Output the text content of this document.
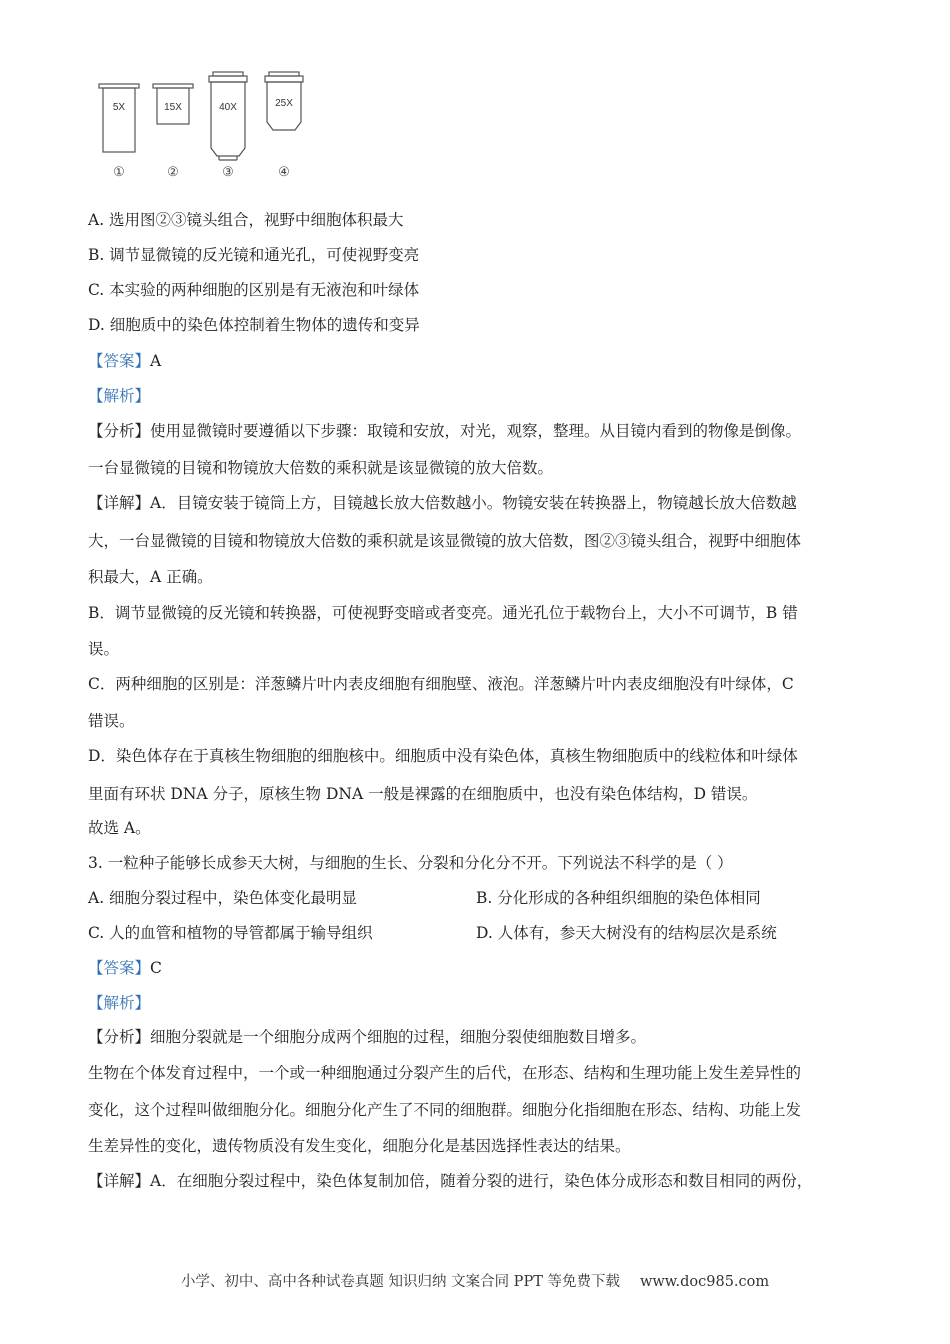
5X
①
15X
②
40X
③
25X
④
A. 选用图②③镜头组合，视野中细胞体积最大
B. 调节显微镜的反光镜和通光孔，可使视野变亮
C. 本实验的两种细胞的区别是有无液泡和叶绿体
D. 细胞质中的染色体控制着生物体的遗传和变异
【答案】A
【解析】
【分析】使用显微镜时要遵循以下步骤：取镜和安放，对光，观察，整理。从目镜内看到的物像是倒像。
一台显微镜的目镜和物镜放大倍数的乘积就是该显微镜的放大倍数。
【详解】A．目镜安装于镜筒上方，目镜越长放大倍数越小。物镜安装在转换器上，物镜越长放大倍数越
大，一台显微镜的目镜和物镜放大倍数的乘积就是该显微镜的放大倍数，图②③镜头组合，视野中细胞体
积最大，A 正确。
B．调节显微镜的反光镜和转换器，可使视野变暗或者变亮。通光孔位于载物台上，大小不可调节，B 错
误。
C．两种细胞的区别是：洋葱鳞片叶内表皮细胞有细胞壁、液泡。洋葱鳞片叶内表皮细胞没有叶绿体，C
错误。
D．染色体存在于真核生物细胞的细胞核中。细胞质中没有染色体，真核生物细胞质中的线粒体和叶绿体
里面有环状 DNA 分子，原核生物 DNA 一般是裸露的在细胞质中，也没有染色体结构，D 错误。
故选 A。
3. 一粒种子能够长成参天大树，与细胞的生长、分裂和分化分不开。下列说法不科学的是（ ）
A. 细胞分裂过程中，染色体变化最明显	B. 分化形成的各种组织细胞的染色体相同
C. 人的血管和植物的导管都属于输导组织	D. 人体有，参天大树没有的结构层次是系统
【答案】C
【解析】
【分析】细胞分裂就是一个细胞分成两个细胞的过程，细胞分裂使细胞数目增多。
生物在个体发育过程中，一个或一种细胞通过分裂产生的后代，在形态、结构和生理功能上发生差异性的
变化，这个过程叫做细胞分化。细胞分化产生了不同的细胞群。细胞分化指细胞在形态、结构、功能上发
生差异性的变化，遗传物质没有发生变化，细胞分化是基因选择性表达的结果。
【详解】A．在细胞分裂过程中，染色体复制加倍，随着分裂的进行，染色体分成形态和数目相同的两份，
小学、初中、高中各种试卷真题 知识归纳 文案合同 PPT 等免费下载 www.doc985.com
